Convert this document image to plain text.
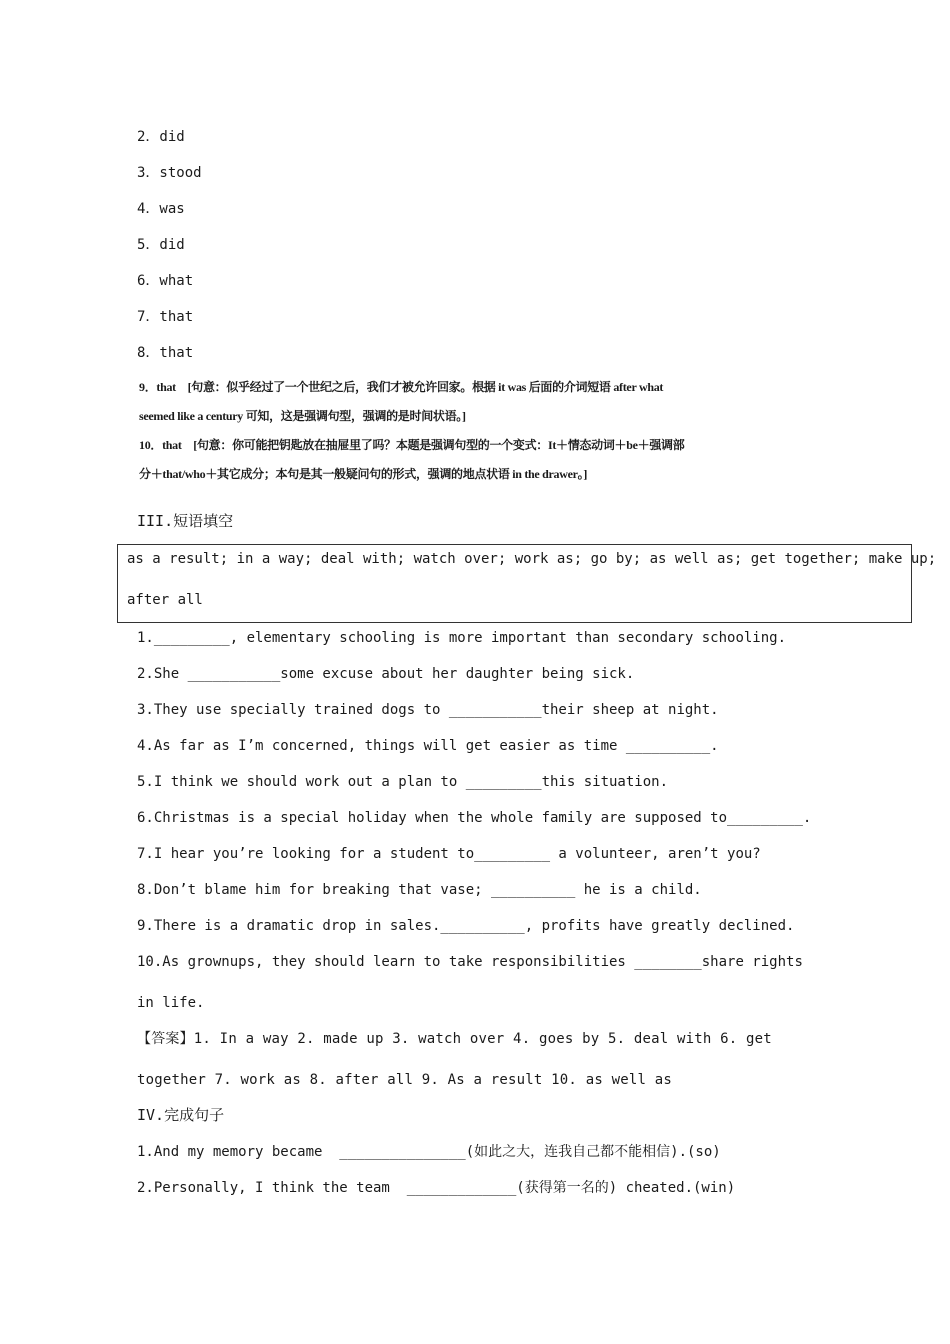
2．did
3．stood
4．was
5．did
6．what
7．that
8．that
9．that　[句意：似乎经过了一个世纪之后，我们才被允许回家。根据 it was 后面的介词短语 after what
seemed like a century 可知，这是强调句型，强调的是时间状语。]
10．that　[句意：你可能把钥匙放在抽屉里了吗？本题是强调句型的一个变式：It＋情态动词＋be＋强调部
分＋that/who＋其它成分；本句是其一般疑问句的形式，强调的地点状语 in the drawer。]
III.短语填空
as a result; in a way; deal with; watch over; work as; go by; as well as; get together; make up;
after all
1._________, elementary schooling is more important than secondary schooling.
2.She ___________some excuse about her daughter being sick.
3.They use specially trained dogs to ___________their sheep at night.
4.As far as I’m concerned, things will get easier as time __________.
5.I think we should work out a plan to _________this situation.
6.Christmas is a special holiday when the whole family are supposed to_________.
7.I hear you’re looking for a student to_________ a volunteer, aren’t you?
8.Don’t blame him for breaking that vase; __________ he is a child.
9.There is a dramatic drop in sales.__________, profits have greatly declined.
10.As grownups, they should learn to take responsibilities ________share rights
in life.
【答案】1. In a way 2. made up 3. watch over 4. goes by 5. deal with 6. get
together 7. work as 8. after all 9. As a result 10. as well as
IV.完成句子
1.And my memory became  _______________(如此之大，连我自己都不能相信).(so)
2.Personally, I think the team  _____________(获得第一名的) cheated.(win)
